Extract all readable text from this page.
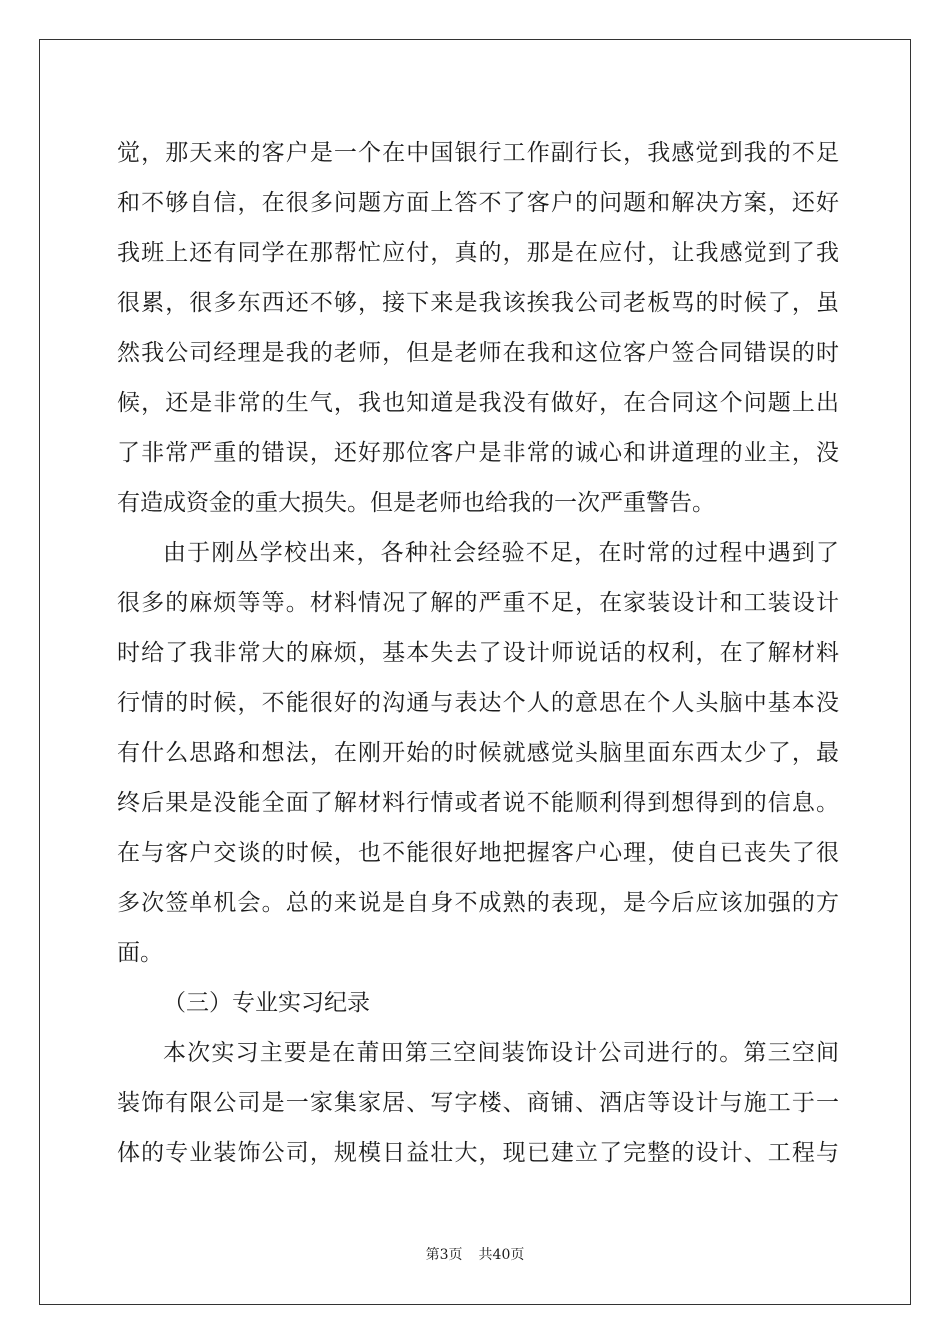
觉，那天来的客户是一个在中国银行工作副行长，我感觉到我的不足
和不够自信，在很多问题方面上答不了客户的问题和解决方案，还好
我班上还有同学在那帮忙应付，真的，那是在应付，让我感觉到了我
很累，很多东西还不够，接下来是我该挨我公司老板骂的时候了，虽
然我公司经理是我的老师，但是老师在我和这位客户签合同错误的时
候，还是非常的生气，我也知道是我没有做好，在合同这个问题上出
了非常严重的错误，还好那位客户是非常的诚心和讲道理的业主，没
有造成资金的重大损失。但是老师也给我的一次严重警告。
由于刚丛学校出来，各种社会经验不足，在时常的过程中遇到了
很多的麻烦等等。材料情况了解的严重不足，在家装设计和工装设计
时给了我非常大的麻烦，基本失去了设计师说话的权利，在了解材料
行情的时候，不能很好的沟通与表达个人的意思在个人头脑中基本没
有什么思路和想法，在刚开始的时候就感觉头脑里面东西太少了，最
终后果是没能全面了解材料行情或者说不能顺利得到想得到的信息。
在与客户交谈的时候，也不能很好地把握客户心理，使自已丧失了很
多次签单机会。总的来说是自身不成熟的表现，是今后应该加强的方
面。
（三）专业实习纪录
本次实习主要是在莆田第三空间装饰设计公司进行的。第三空间
装饰有限公司是一家集家居、写字楼、商铺、酒店等设计与施工于一
体的专业装饰公司，规模日益壮大，现已建立了完整的设计、工程与
第3页 共40页
